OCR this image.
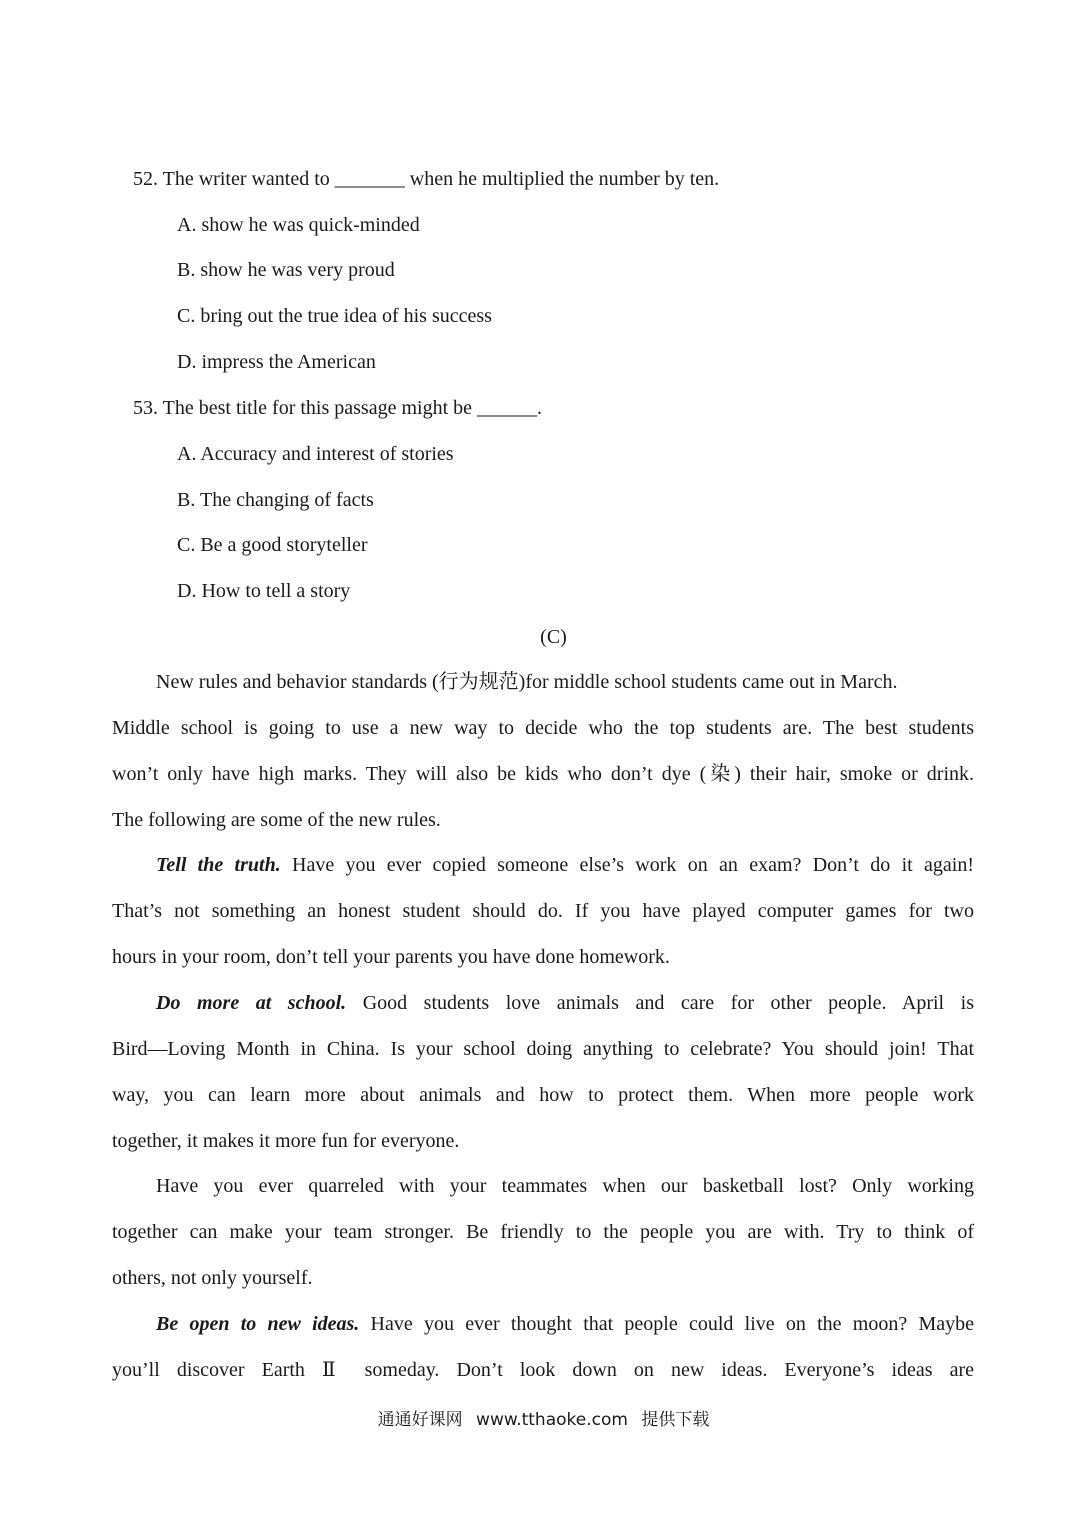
52. The writer wanted to _______ when he multiplied the number by ten.
A. show he was quick-minded
B. show he was very proud
C. bring out the true idea of his success
D. impress the American
53. The best title for this passage might be ______.
A. Accuracy and interest of stories
B. The changing of facts
C. Be a good storyteller
D. How to tell a story
(C)
New rules and behavior standards (行为规范)for middle school students came out in March.
Middle school is going to use a new way to decide who the top students are. The best students
won’t only have high marks. They will also be kids who don’t dye (染) their hair, smoke or drink.
The following are some of the new rules.
Tell the truth. Have you ever copied someone else’s work on an exam? Don’t do it again!
That’s not something an honest student should do. If you have played computer games for two
hours in your room, don’t tell your parents you have done homework.
Do more at school. Good students love animals and care for other people. April is
Bird—Loving Month in China. Is your school doing anything to celebrate? You should join! That
way, you can learn more about animals and how to protect them. When more people work
together, it makes it more fun for everyone.
Have you ever quarreled with your teammates when our basketball lost? Only working
together can make your team stronger. Be friendly to the people you are with. Try to think of
others, not only yourself.
Be open to new ideas. Have you ever thought that people could live on the moon? Maybe
you’ll discover Earth Ⅱ someday. Don’t look down on new ideas. Everyone’s ideas are
通通好课网 www.tthaoke.com 提供下载
